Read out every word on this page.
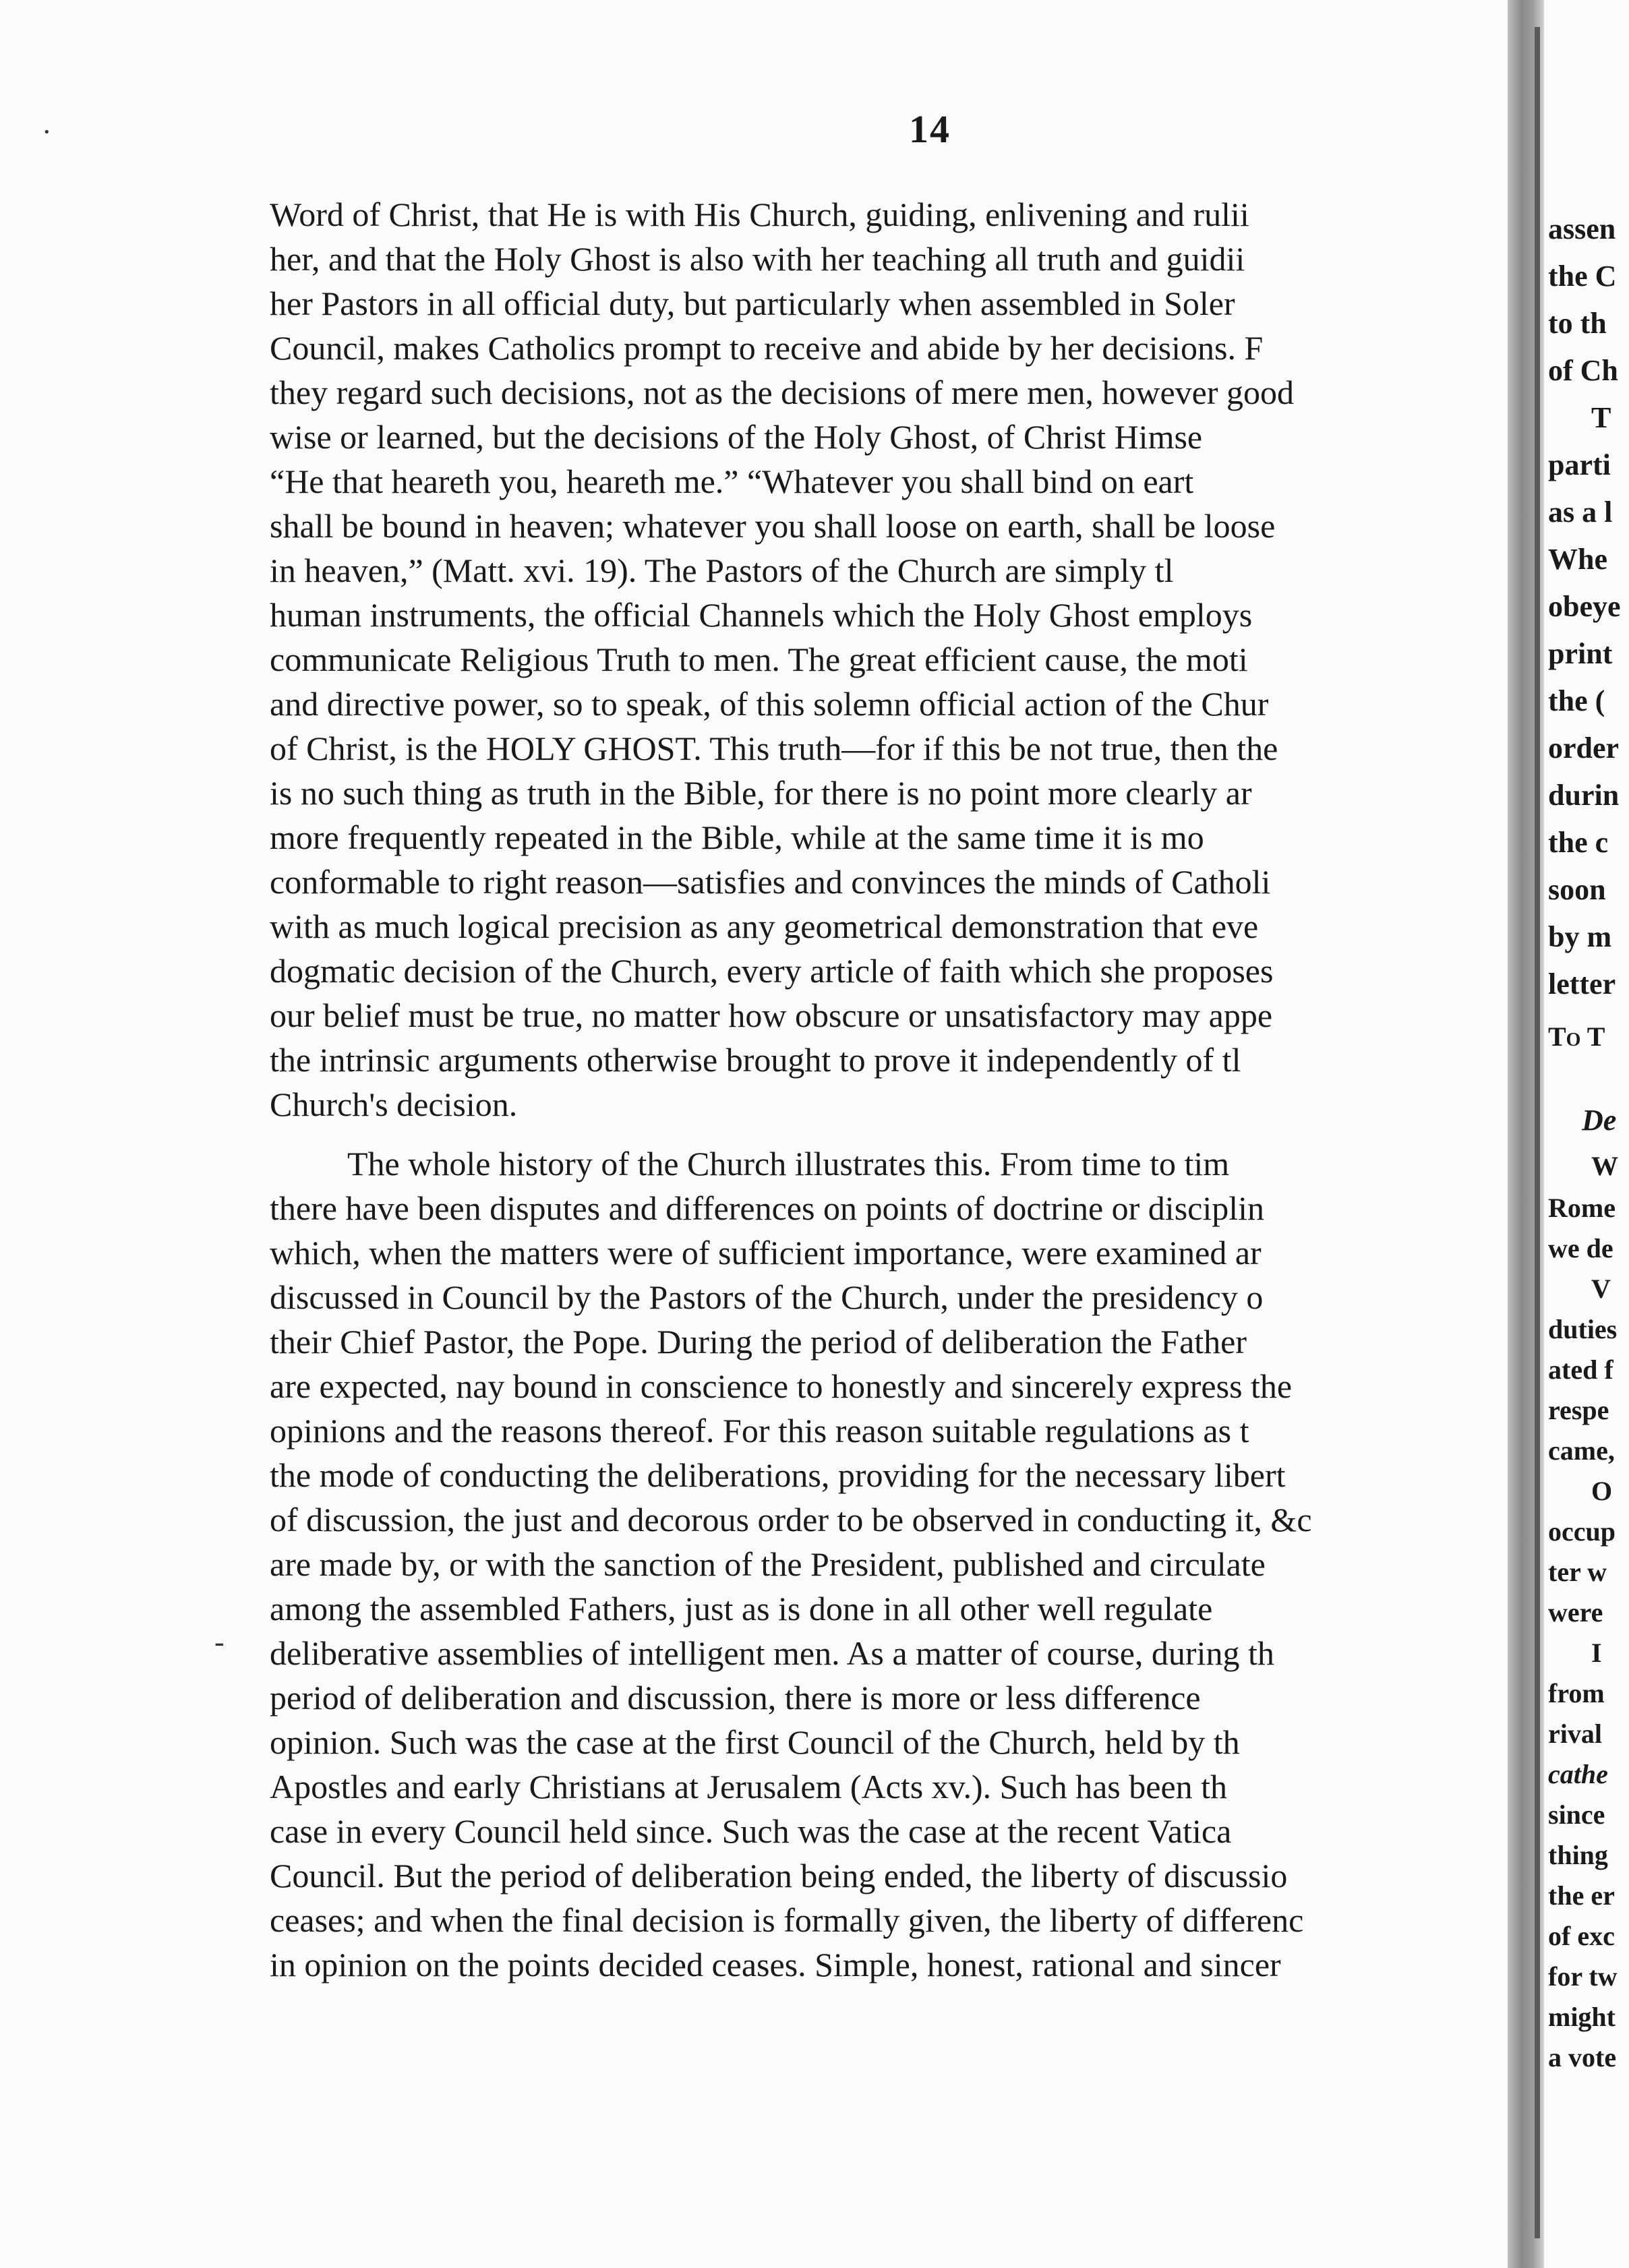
14
·
-
Word of Christ, that He is with His Church, guiding, enlivening and rulii
her, and that the Holy Ghost is also with her teaching all truth and guidii
her Pastors in all official duty, but particularly when assembled in Soler
Council, makes Catholics prompt to receive and abide by her decisions. F
they regard such decisions, not as the decisions of mere men, however good
wise or learned, but the decisions of the Holy Ghost, of Christ Himse
“He that heareth you, heareth me.” “Whatever you shall bind on eart
shall be bound in heaven; whatever you shall loose on earth, shall be loose
in heaven,” (Matt. xvi. 19). The Pastors of the Church are simply tl
human instruments, the official Channels which the Holy Ghost employs
communicate Religious Truth to men. The great efficient cause, the moti
and directive power, so to speak, of this solemn official action of the Chur
of Christ, is the HOLY GHOST. This truth—for if this be not true, then the
is no such thing as truth in the Bible, for there is no point more clearly ar
more frequently repeated in the Bible, while at the same time it is mo
conformable to right reason—satisfies and convinces the minds of Catholi
with as much logical precision as any geometrical demonstration that eve
dogmatic decision of the Church, every article of faith which she proposes
our belief must be true, no matter how obscure or unsatisfactory may appe
the intrinsic arguments otherwise brought to prove it independently of tl
Church's decision.
The whole history of the Church illustrates this. From time to tim
there have been disputes and differences on points of doctrine or disciplin
which, when the matters were of sufficient importance, were examined ar
discussed in Council by the Pastors of the Church, under the presidency o
their Chief Pastor, the Pope. During the period of deliberation the Father
are expected, nay bound in conscience to honestly and sincerely express the
opinions and the reasons thereof. For this reason suitable regulations as t
the mode of conducting the deliberations, providing for the necessary libert
of discussion, the just and decorous order to be observed in conducting it, &c
are made by, or with the sanction of the President, published and circulate
among the assembled Fathers, just as is done in all other well regulate
deliberative assemblies of intelligent men. As a matter of course, during th
period of deliberation and discussion, there is more or less difference
opinion. Such was the case at the first Council of the Church, held by th
Apostles and early Christians at Jerusalem (Acts xv.). Such has been th
case in every Council held since. Such was the case at the recent Vatica
Council. But the period of deliberation being ended, the liberty of discussio
ceases; and when the final decision is formally given, the liberty of differenc
in opinion on the points decided ceases. Simple, honest, rational and sincer
assen
the C
to th
of Ch
T
parti
as a l
Whe
obeye
print
the (
order
durin
the c
soon
by m
letter
To T
De
W
Rome
we de
V
duties
ated f
respe
came,
O
occup
ter w
were
I
from
rival
cathe
since
thing
the er
of exc
for tw
might
a vote
